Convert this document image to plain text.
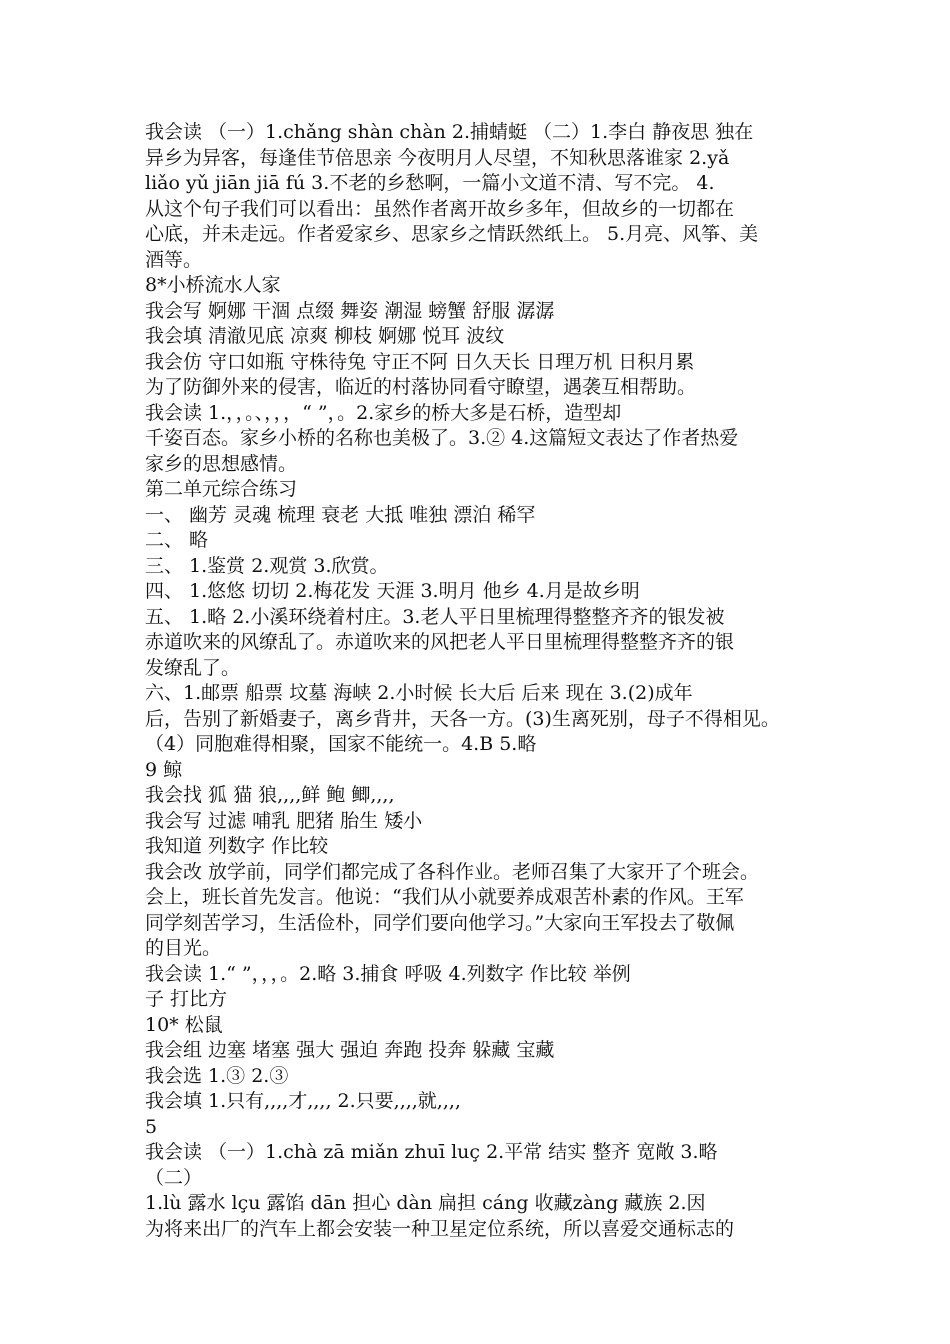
我会读 （一）1.chǎng shàn chàn 2.捕蜻蜓 （二）1.李白 静夜思 独在
异乡为异客，每逢佳节倍思亲 今夜明月人尽望，不知秋思落谁家 2.yǎ
liǎo yǔ jiān jiā fú 3.不老的乡愁啊，一篇小文道不清、写不完。 4.
从这个句子我们可以看出：虽然作者离开故乡多年，但故乡的一切都在
心底，并未走远。作者爱家乡、思家乡之情跃然纸上。 5.月亮、风筝、美
酒等。
8*小桥流水人家
我会写 婀娜 干涸 点缀 舞姿 潮湿 螃蟹 舒服 潺潺
我会填 清澈见底 凉爽 柳枝 婀娜 悦耳 波纹
我会仿 守口如瓶 守株待兔 守正不阿 日久天长 日理万机 日积月累
为了防御外来的侵害，临近的村落协同看守瞭望，遇袭互相帮助。
我会读 1.，，。、，，，“ ”，。2.家乡的桥大多是石桥，造型却
千姿百态。家乡小桥的名称也美极了。3.② 4.这篇短文表达了作者热爱
家乡的思想感情。
第二单元综合练习
一、 幽芳 灵魂 梳理 衰老 大抵 唯独 漂泊 稀罕
二、 略
三、 1.鉴赏 2.观赏 3.欣赏。
四、 1.悠悠 切切 2.梅花发 天涯 3.明月 他乡 4.月是故乡明
五、 1.略 2.小溪环绕着村庄。3.老人平日里梳理得整整齐齐的银发被
赤道吹来的风缭乱了。赤道吹来的风把老人平日里梳理得整整齐齐的银
发缭乱了。
六、1.邮票 船票 坟墓 海峡 2.小时候 长大后 后来 现在 3.(2)成年
后，告别了新婚妻子，离乡背井，天各一方。(3)生离死别，母子不得相见。
（4）同胞难得相聚，国家不能统一。4.B 5.略
9 鲸
我会找 狐 猫 狼,,,,鲜 鲍 鲫,,,,
我会写 过滤 哺乳 肥猪 胎生 矮小
我知道 列数字 作比较
我会改 放学前，同学们都完成了各科作业。老师召集了大家开了个班会。
会上，班长首先发言。他说：“我们从小就要养成艰苦朴素的作风。王军
同学刻苦学习，生活俭朴，同学们要向他学习。”大家向王军投去了敬佩
的目光。
我会读 1.“ ”，，，。2.略 3.捕食 呼吸 4.列数字 作比较 举例
子 打比方
10* 松鼠
我会组 边塞 堵塞 强大 强迫 奔跑 投奔 躲藏 宝藏
我会选 1.③ 2.③
我会填 1.只有,,,,才,,,, 2.只要,,,,就,,,,
5
我会读 （一）1.chà zā miǎn zhuī luç 2.平常 结实 整齐 宽敞 3.略
（二）
1.lù 露水 lçu 露馅 dān 担心 dàn 扁担 cáng 收藏zàng 藏族 2.因
为将来出厂的汽车上都会安装一种卫星定位系统，所以喜爱交通标志的
